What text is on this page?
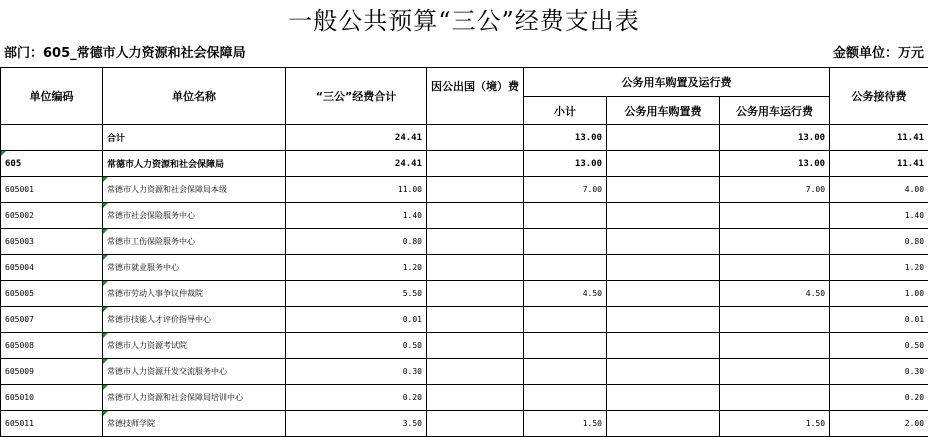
一般公共预算“三公”经费支出表
部门：605_常德市人力资源和社会保障局	金额单位：万元
单位编码	单位名称	“三公”经费合计	因公出国（境）费	公务用车购置及运行费			公务接待费
				小计	公务用车购置费	公务用车运行费	
	合计	24.41		13.00		13.00	11.41
605	常德市人力资源和社会保障局	24.41		13.00		13.00	11.41
605001	常德市人力资源和社会保障局本级	11.00		7.00		7.00	4.00
605002	常德市社会保险服务中心	1.40					1.40
605003	常德市工伤保险服务中心	0.80					0.80
605004	常德市就业服务中心	1.20					1.20
605005	常德市劳动人事争议仲裁院	5.50		4.50		4.50	1.00
605007	常德市技能人才评价指导中心	0.01					0.01
605008	常德市人力资源考试院	0.50					0.50
605009	常德市人力资源开发交流服务中心	0.30					0.30
605010	常德市人力资源和社会保障局培训中心	0.20					0.20
605011	常德技师学院	3.50		1.50		1.50	2.00
